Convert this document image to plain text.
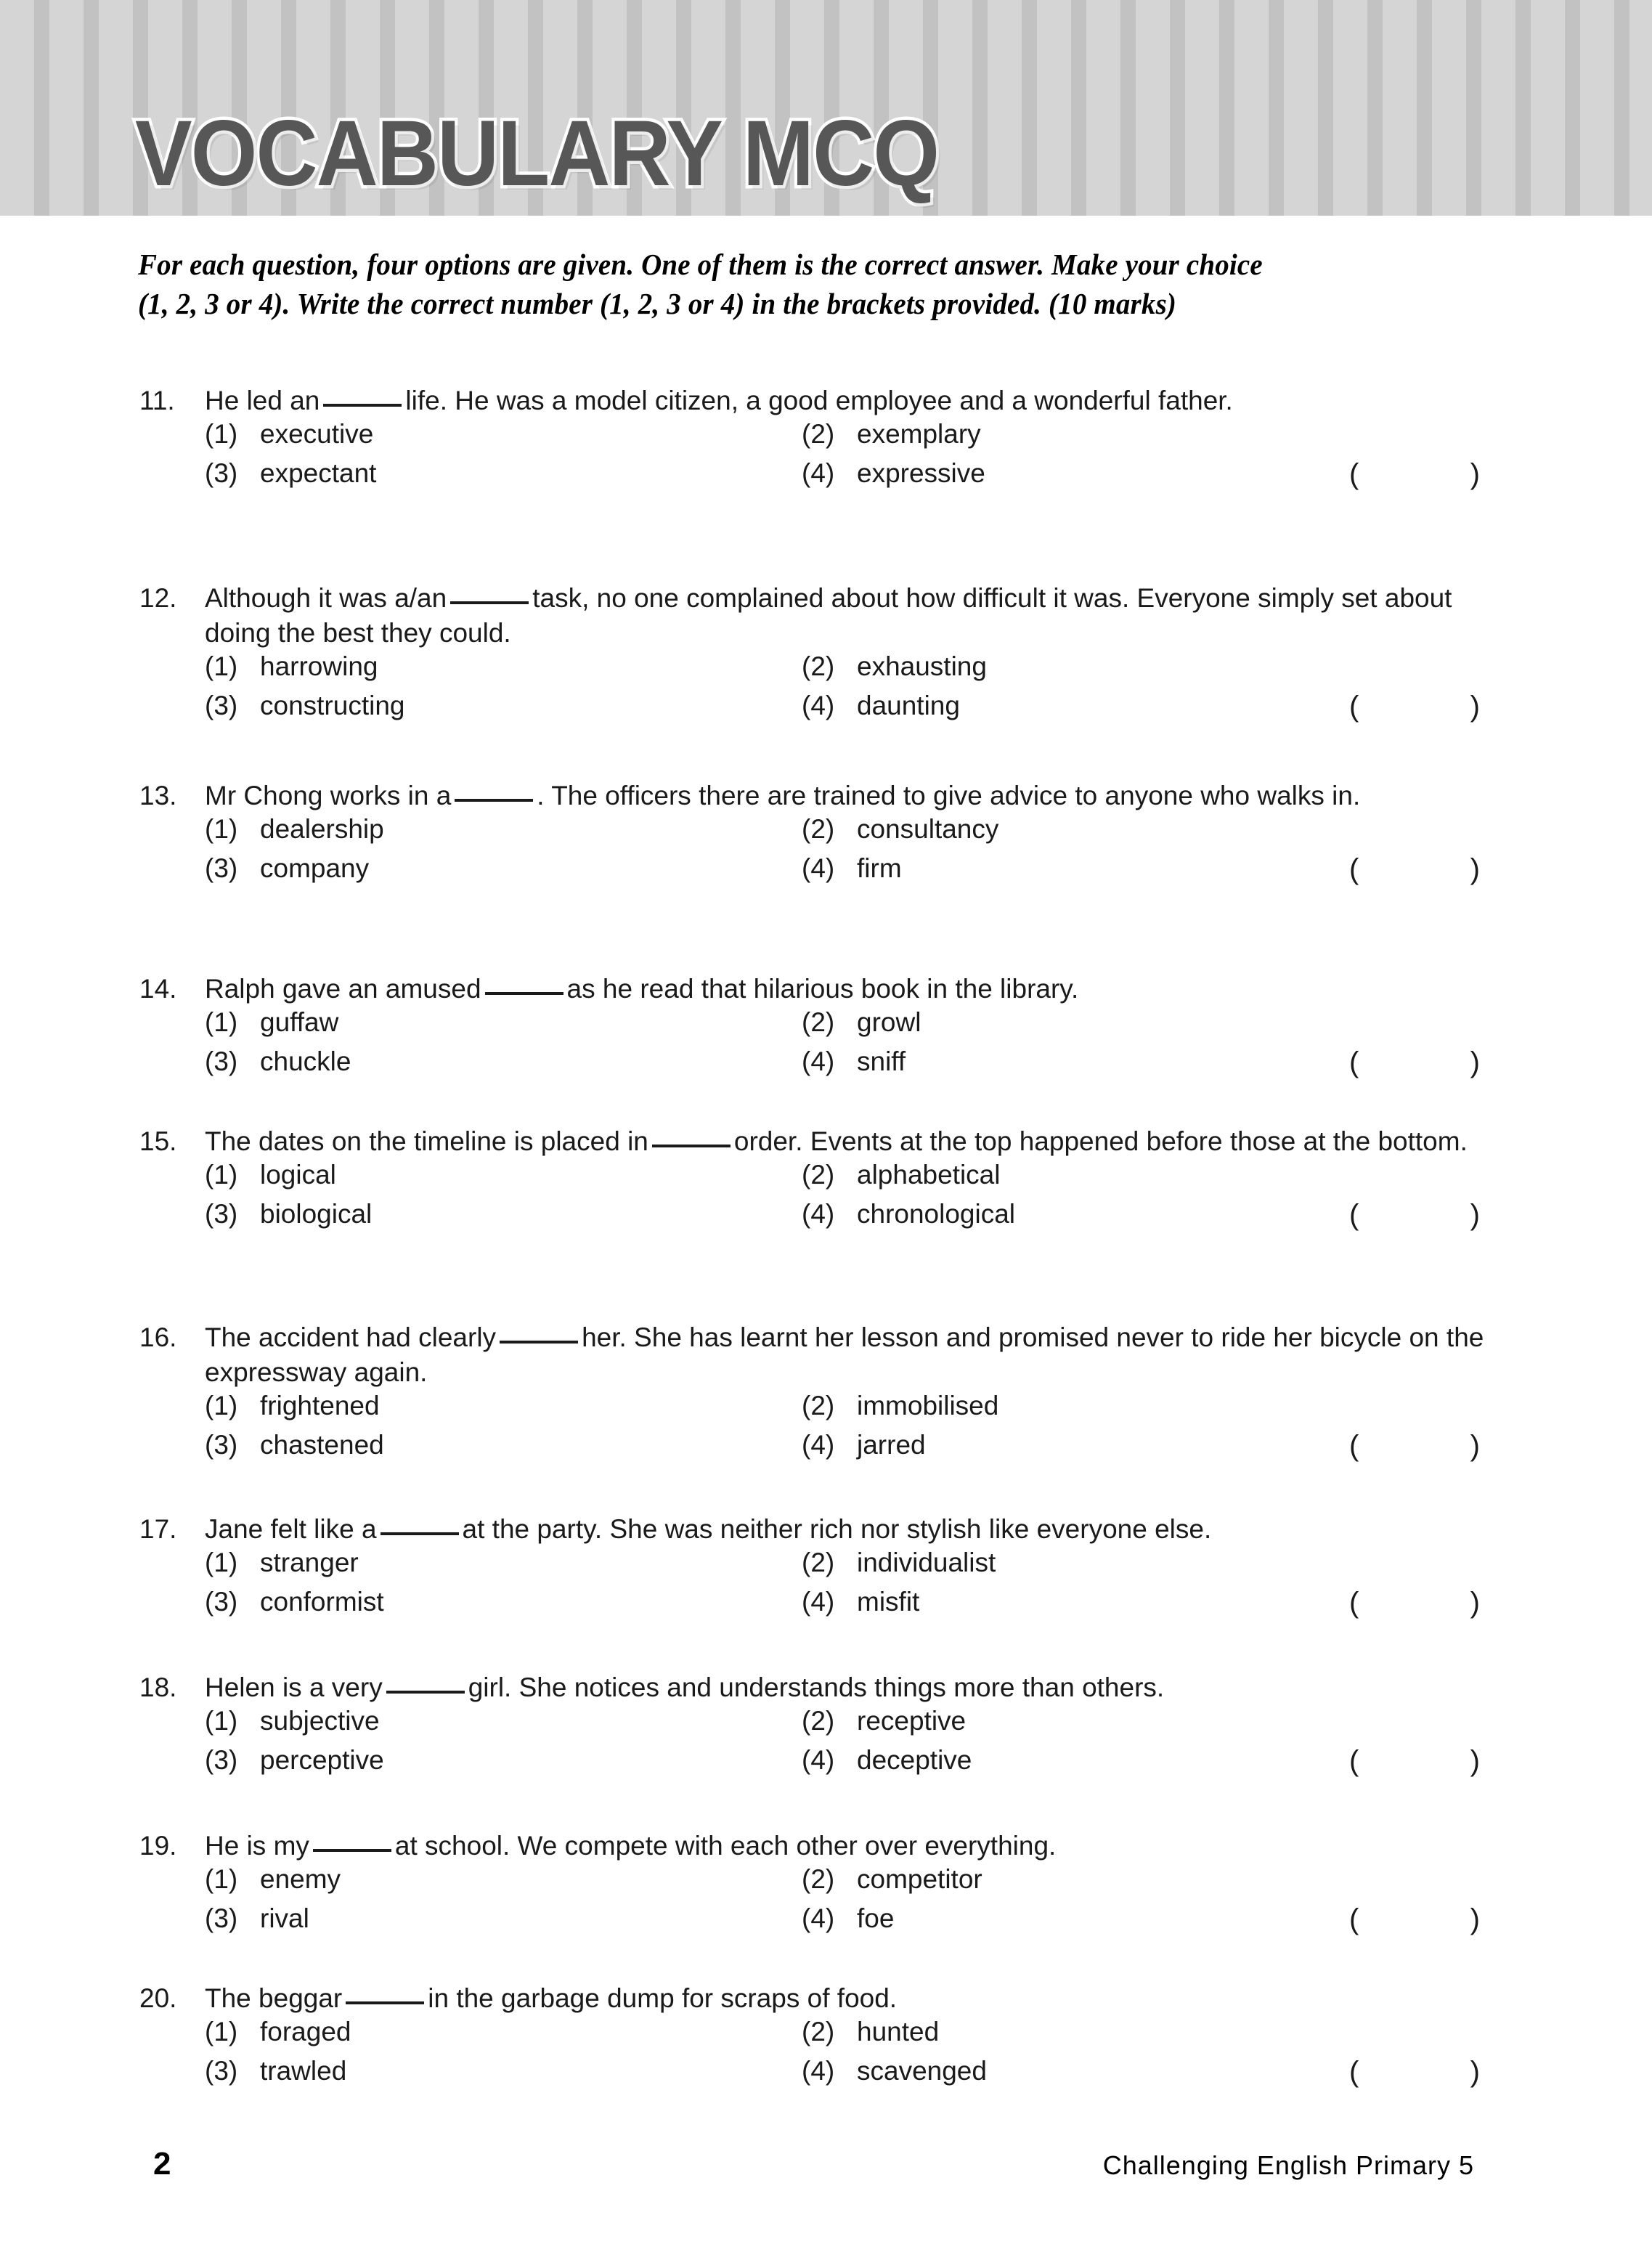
VOCABULARY MCQ
For each question, four options are given. One of them is the correct answer. Make your choice
(1, 2, 3 or 4). Write the correct number (1, 2, 3 or 4) in the brackets provided. (10 marks)
11.	He led an	life. He was a model citizen, a good employee and a wonderful father.
(1) executive	(2) exemplary
(3) expectant	(4) expressive	(	)
12.	Although it was a/an	task, no one complained about how difficult it was. Everyone simply set about doing the best they could.
(1) harrowing	(2) exhausting
(3) constructing	(4) daunting	(	)
13.	Mr Chong works in a	. The officers there are trained to give advice to anyone who walks in.
(1) dealership	(2) consultancy
(3) company	(4) firm	(	)
14.	Ralph gave an amused	as he read that hilarious book in the library.
(1) guffaw	(2) growl
(3) chuckle	(4) sniff	(	)
15.	The dates on the timeline is placed in	order. Events at the top happened before those at the bottom.
(1) logical	(2) alphabetical
(3) biological	(4) chronological	(	)
16.	The accident had clearly	her. She has learnt her lesson and promised never to ride her bicycle on the expressway again.
(1) frightened	(2) immobilised
(3) chastened	(4) jarred	(	)
17.	Jane felt like a	at the party. She was neither rich nor stylish like everyone else.
(1) stranger	(2) individualist
(3) conformist	(4) misfit	(	)
18.	Helen is a very	girl. She notices and understands things more than others.
(1) subjective	(2) receptive
(3) perceptive	(4) deceptive	(	)
19.	He is my	at school. We compete with each other over everything.
(1) enemy	(2) competitor
(3) rival	(4) foe	(	)
20.	The beggar	in the garbage dump for scraps of food.
(1) foraged	(2) hunted
(3) trawled	(4) scavenged	(	)
2	Challenging English Primary 5
